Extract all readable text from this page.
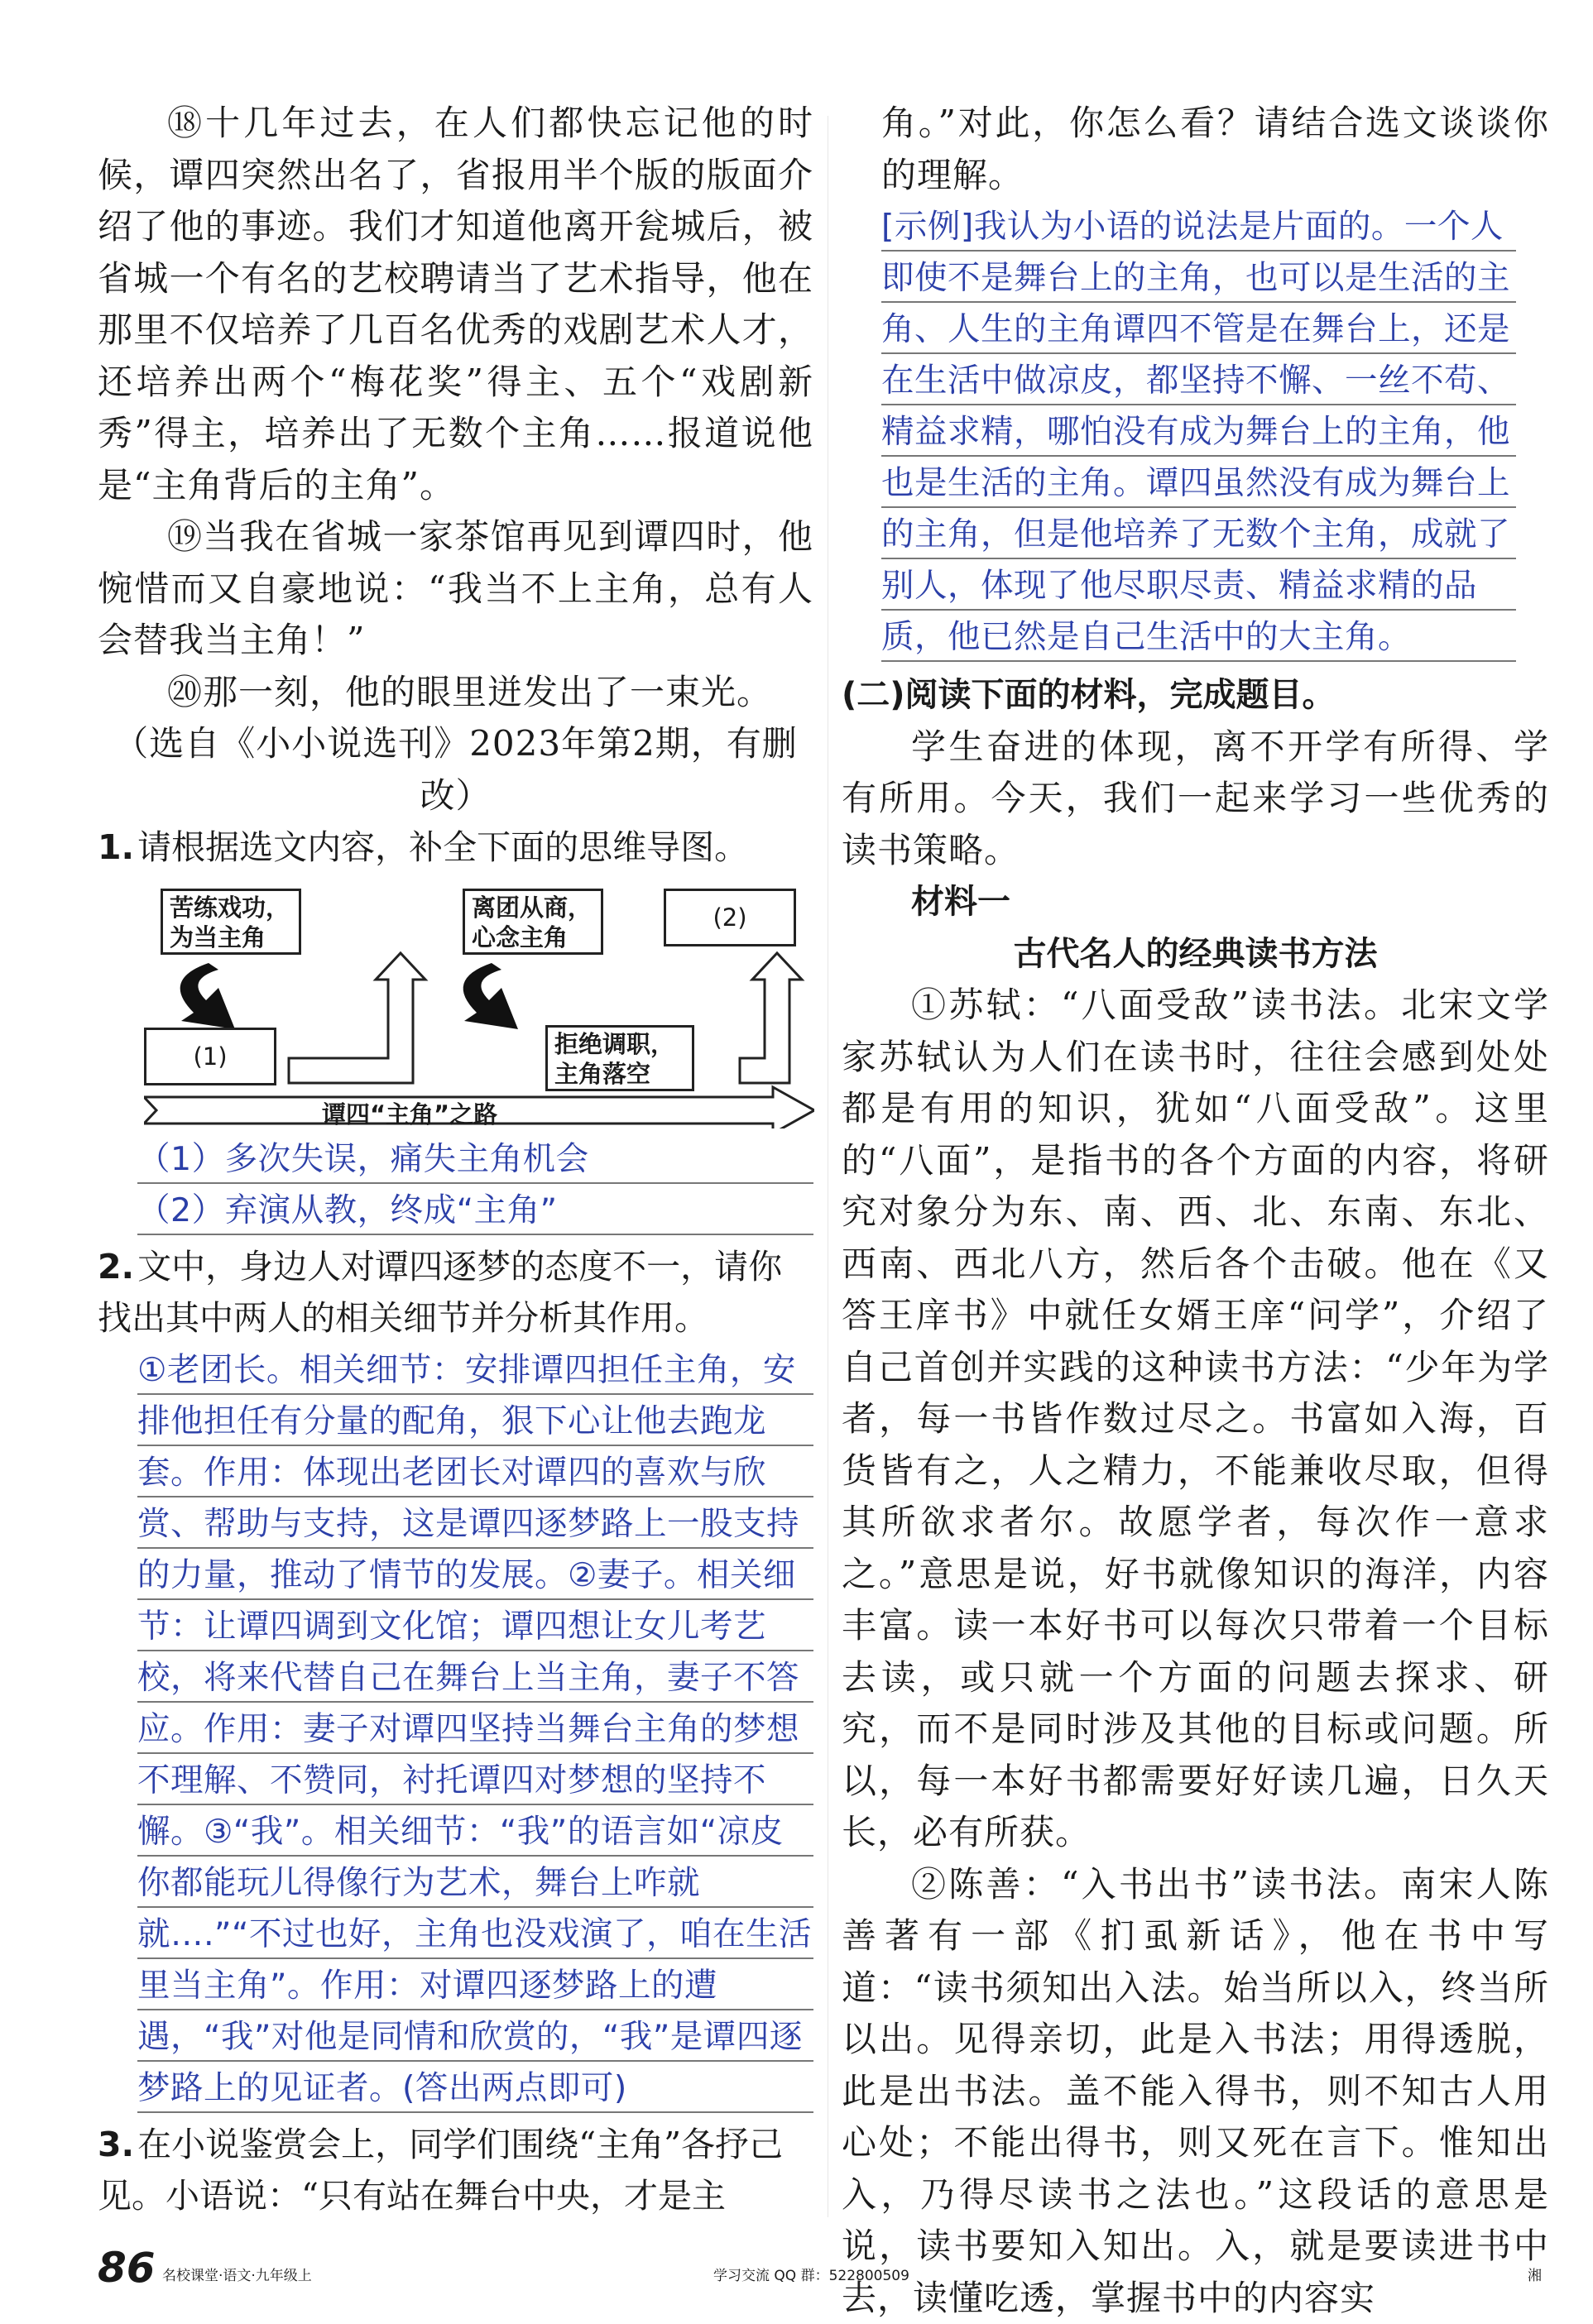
⑱十几年过去，在人们都快忘记他的时候，谭四突然出名了，省报用半个版的版面介绍了他的事迹。我们才知道他离开瓮城后，被省城一个有名的艺校聘请当了艺术指导，他在那里不仅培养了几百名优秀的戏剧艺术人才，还培养出两个“梅花奖”得主、五个“戏剧新秀”得主，培养出了无数个主角……报道说他是“主角背后的主角”。

⑲当我在省城一家茶馆再见到谭四时，他惋惜而又自豪地说：“我当不上主角，总有人会替我当主角！”

⑳那一刻，他的眼里迸发出了一束光。

（选自《小小说选刊》2023年第2期，有删改）

1.请根据选文内容，补全下面的思维导图。

苦练戏功，为当主角
离团从商，心念主角
(2)
(1)	拒绝调职，主角落空
谭四“主角”之路

（1）多次失误，痛失主角机会

（2）弃演从教，终成“主角”

2.文中，身边人对谭四逐梦的态度不一，请你找出其中两人的相关细节并分析其作用。

①老团长。相关细节：安排谭四担任主角，安排他担任有分量的配角，狠下心让他去跑龙套。作用：体现出老团长对谭四的喜欢与欣赏、帮助与支持，这是谭四逐梦路上一股支持的力量，推动了情节的发展。②妻子。相关细节：让谭四调到文化馆；谭四想让女儿考艺校，将来代替自己在舞台上当主角，妻子不答应。作用：妻子对谭四坚持当舞台主角的梦想不理解、不赞同，衬托谭四对梦想的坚持不懈。③“我”。相关细节：“我”的语言如“凉皮你都能玩儿得像行为艺术，舞台上咋就就….”“不过也好，主角也没戏演了，咱在生活里当主角”。作用：对谭四逐梦路上的遭遇，“我”对他是同情和欣赏的，“我”是谭四逐梦路上的见证者。(答出两点即可)

3.在小说鉴赏会上，同学们围绕“主角”各抒己见。小语说：“只有站在舞台中央，才是主

角。”对此，你怎么看？请结合选文谈谈你的理解。

[示例]我认为小语的说法是片面的。一个人即使不是舞台上的主角，也可以是生活的主角、人生的主角谭四不管是在舞台上，还是在生活中做凉皮，都坚持不懈、一丝不苟、精益求精，哪怕没有成为舞台上的主角，他也是生活的主角。谭四虽然没有成为舞台上的主角，但是他培养了无数个主角，成就了别人，体现了他尽职尽责、精益求精的品质，他已然是自己生活中的大主角。

(二)阅读下面的材料，完成题目。

学生奋进的体现，离不开学有所得、学有所用。今天，我们一起来学习一些优秀的读书策略。

材料一

古代名人的经典读书方法

①苏轼：“八面受敌”读书法。北宋文学家苏轼认为人们在读书时，往往会感到处处都是有用的知识，犹如“八面受敌”。这里的“八面”，是指书的各个方面的内容，将研究对象分为东、南、西、北、东南、东北、西南、西北八方，然后各个击破。他在《又答王庠书》中就任女婿王庠“问学”，介绍了自己首创并实践的这种读书方法：“少年为学者，每一书皆作数过尽之。书富如入海，百货皆有之，人之精力，不能兼收尽取，但得其所欲求者尔。故愿学者，每次作一意求之。”意思是说，好书就像知识的海洋，内容丰富。读一本好书可以每次只带着一个目标去读，或只就一个方面的问题去探求、研究，而不是同时涉及其他的目标或问题。所以，每一本好书都需要好好读几遍，日久天长，必有所获。

②陈善：“入书出书”读书法。南宋人陈善著有一部《扪虱新话》，他在书中写道：“读书须知出入法。始当所以入，终当所以出。见得亲切，此是入书法；用得透脱，此是出书法。盖不能入得书，则不知古人用心处；不能出得书，则又死在言下。惟知出入，乃得尽读书之法也。”这段话的意思是说，读书要知入知出。入，就是要读进书中去，读懂吃透，掌握书中的内容实

86 名校课堂·语文·九年级上	学习交流 QQ 群：522800509	湘
